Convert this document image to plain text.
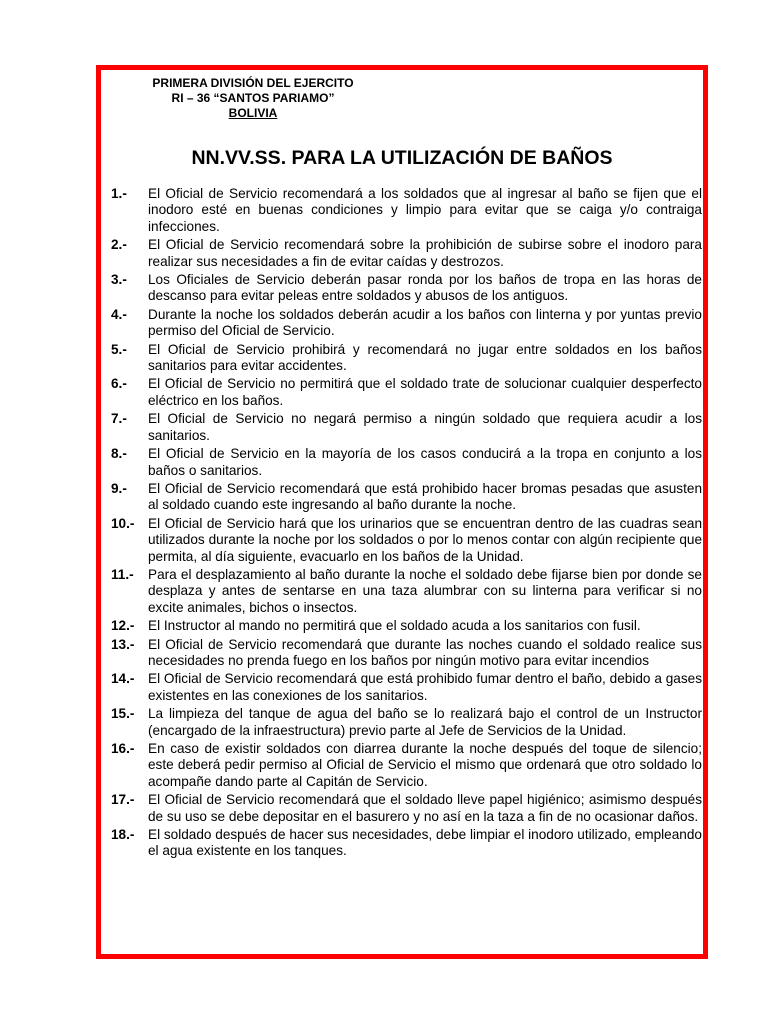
PRIMERA DIVISIÓN DEL EJERCITO
RI – 36 “SANTOS PARIAMO”
BOLIVIA
NN.VV.SS. PARA LA UTILIZACIÓN DE BAÑOS
1.-	El Oficial de Servicio recomendará a los soldados que al ingresar al baño se fijen que el inodoro esté en buenas condiciones y limpio para evitar que se caiga y/o contraiga infecciones.
2.-	El Oficial de Servicio recomendará sobre la prohibición de subirse sobre el inodoro para realizar sus necesidades a fin de evitar caídas y destrozos.
3.-	Los Oficiales de Servicio deberán pasar ronda por los baños de tropa en las horas de descanso para evitar peleas entre soldados y abusos de los antiguos.
4.-	Durante la noche los soldados deberán acudir a los baños con linterna y por yuntas previo permiso del Oficial de Servicio.
5.-	El Oficial de Servicio prohibirá y recomendará no jugar entre soldados en los baños sanitarios para evitar accidentes.
6.-	El Oficial de Servicio no permitirá que el soldado trate de solucionar cualquier desperfecto eléctrico en los baños.
7.-	El Oficial de Servicio no negará permiso a ningún soldado que requiera acudir a los sanitarios.
8.-	El Oficial de Servicio en la mayoría de los casos conducirá a la tropa en conjunto a los baños o sanitarios.
9.-	El Oficial de Servicio recomendará que está prohibido hacer bromas pesadas que asusten al soldado cuando este ingresando al baño durante la noche.
10.- El Oficial de Servicio hará que los urinarios que se encuentran dentro de las cuadras sean utilizados durante la noche por los soldados o por lo menos contar con algún recipiente que permita, al día siguiente, evacuarlo en los baños de la Unidad.
11.-	Para el desplazamiento al baño durante la noche el soldado debe fijarse bien por donde se desplaza y antes de sentarse en una taza alumbrar con su linterna para verificar si no excite animales, bichos o insectos.
12.- El Instructor al mando no permitirá que el soldado acuda a los sanitarios con fusil.
13.- El Oficial de Servicio recomendará que durante las noches cuando el soldado realice sus necesidades no prenda fuego en los baños por ningún motivo para evitar incendios
14.- El Oficial de Servicio recomendará que está prohibido fumar dentro el baño, debido a gases existentes en las conexiones de los sanitarios.
15.- La limpieza del tanque de agua del baño se lo realizará bajo el control de un Instructor (encargado de la infraestructura) previo parte al Jefe de Servicios de la Unidad.
16.- En caso de existir soldados con diarrea durante la noche después del toque de silencio; este deberá pedir permiso al Oficial de Servicio el mismo que ordenará que otro soldado lo acompañe dando parte al Capitán de Servicio.
17.- El Oficial de Servicio recomendará que el soldado lleve papel higiénico; asimismo después de su uso se debe depositar en el basurero y no así en la taza a fin de no ocasionar daños.
18.- El soldado después de hacer sus necesidades, debe limpiar el inodoro utilizado, empleando el agua existente en los tanques.
